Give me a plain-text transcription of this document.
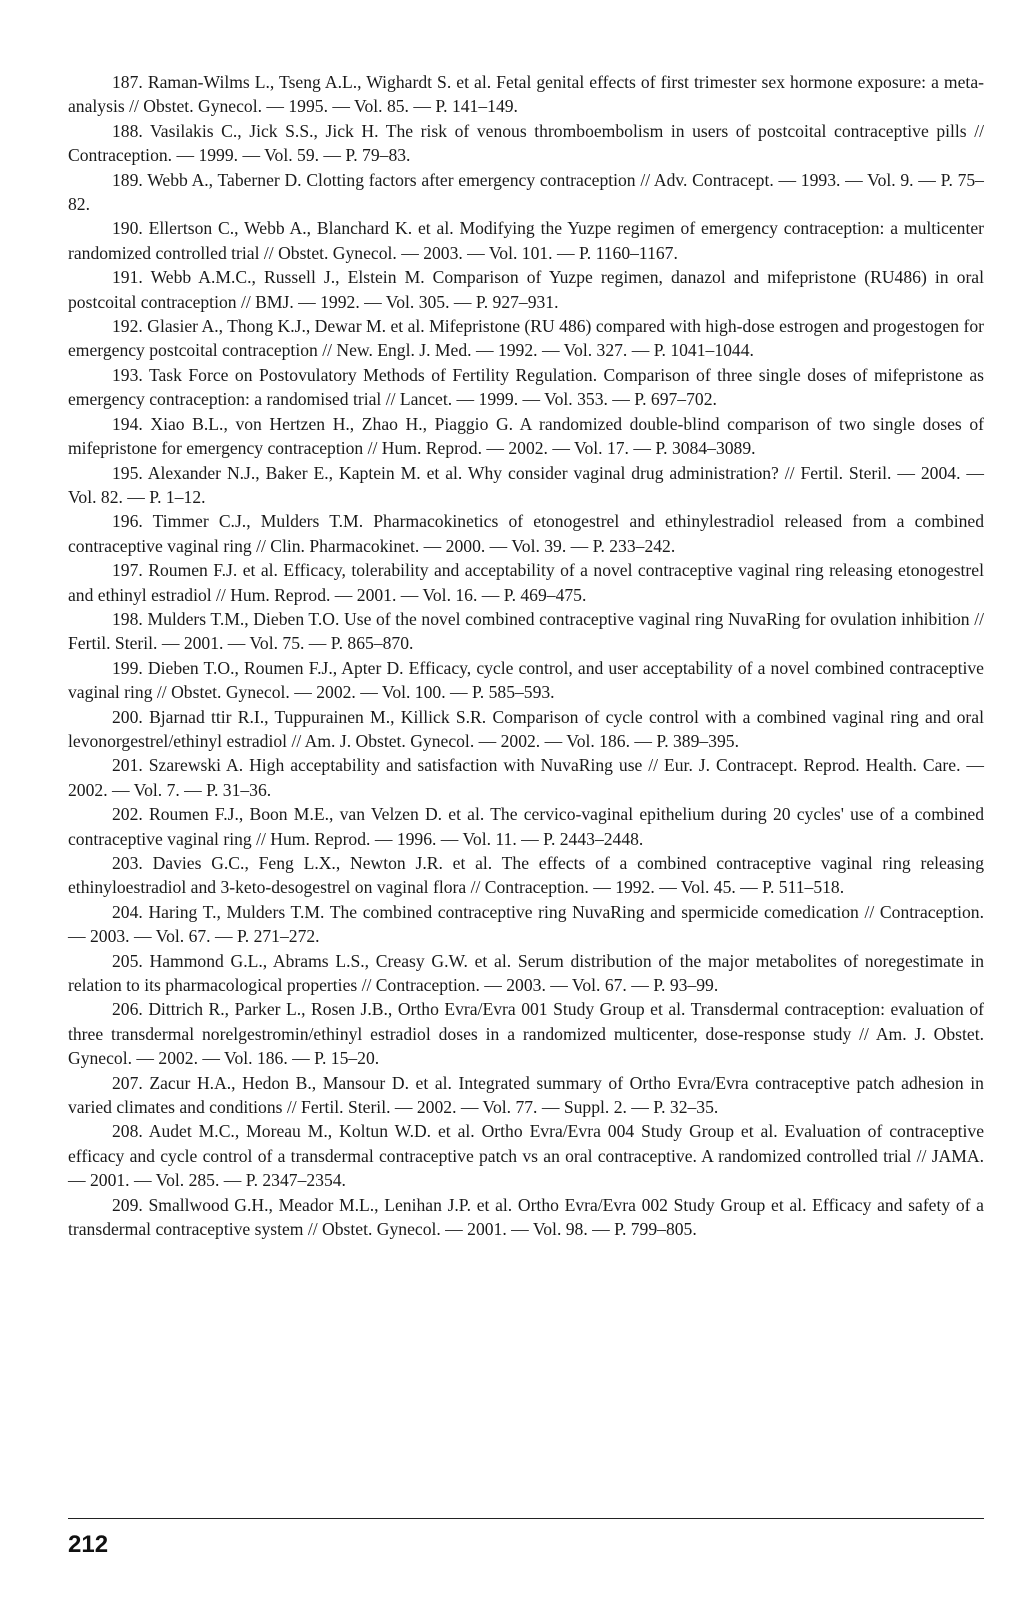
187. Raman-Wilms L., Tseng A.L., Wighardt S. et al. Fetal genital effects of first trimester sex hormone exposure: a meta-analysis // Obstet. Gynecol. — 1995. — Vol. 85. — P. 141–149.

188. Vasilakis C., Jick S.S., Jick H. The risk of venous thromboembolism in users of postcoital contraceptive pills // Contraception. — 1999. — Vol. 59. — P. 79–83.

189. Webb A., Taberner D. Clotting factors after emergency contraception // Adv. Contracept. — 1993. — Vol. 9. — P. 75–82.

190. Ellertson C., Webb A., Blanchard K. et al. Modifying the Yuzpe regimen of emergency contraception: a multicenter randomized controlled trial // Obstet. Gynecol. — 2003. — Vol. 101. — P. 1160–1167.

191. Webb A.M.C., Russell J., Elstein M. Comparison of Yuzpe regimen, danazol and mifepristone (RU486) in oral postcoital contraception // BMJ. — 1992. — Vol. 305. — P. 927–931.

192. Glasier A., Thong K.J., Dewar M. et al. Mifepristone (RU 486) compared with high-dose estrogen and progestogen for emergency postcoital contraception // New. Engl. J. Med. — 1992. — Vol. 327. — P. 1041–1044.

193. Task Force on Postovulatory Methods of Fertility Regulation. Comparison of three single doses of mifepristone as emergency contraception: a randomised trial // Lancet. — 1999. — Vol. 353. — P. 697–702.

194. Xiao B.L., von Hertzen H., Zhao H., Piaggio G. A randomized double-blind comparison of two single doses of mifepristone for emergency contraception // Hum. Reprod. — 2002. — Vol. 17. — P. 3084–3089.

195. Alexander N.J., Baker E., Kaptein M. et al. Why consider vaginal drug administration? // Fertil. Steril. — 2004. — Vol. 82. — P. 1–12.

196. Timmer C.J., Mulders T.M. Pharmacokinetics of etonogestrel and ethinylestradiol released from a combined contraceptive vaginal ring // Clin. Pharmacokinet. — 2000. — Vol. 39. — P. 233–242.

197. Roumen F.J. et al. Efficacy, tolerability and acceptability of a novel contraceptive vaginal ring releasing etonogestrel and ethinyl estradiol // Hum. Reprod. — 2001. — Vol. 16. — P. 469–475.

198. Mulders T.M., Dieben T.O. Use of the novel combined contraceptive vaginal ring NuvaRing for ovulation inhibition // Fertil. Steril. — 2001. — Vol. 75. — P. 865–870.

199. Dieben T.O., Roumen F.J., Apter D. Efficacy, cycle control, and user acceptability of a novel combined contraceptive vaginal ring // Obstet. Gynecol. — 2002. — Vol. 100. — P. 585–593.

200. Bjarnad ttir R.I., Tuppurainen M., Killick S.R. Comparison of cycle control with a combined vaginal ring and oral levonorgestrel/ethinyl estradiol // Am. J. Obstet. Gynecol. — 2002. — Vol. 186. — P. 389–395.

201. Szarewski A. High acceptability and satisfaction with NuvaRing use // Eur. J. Contracept. Reprod. Health. Care. — 2002. — Vol. 7. — P. 31–36.

202. Roumen F.J., Boon M.E., van Velzen D. et al. The cervico-vaginal epithelium during 20 cycles' use of a combined contraceptive vaginal ring // Hum. Reprod. — 1996. — Vol. 11. — P. 2443–2448.

203. Davies G.C., Feng L.X., Newton J.R. et al. The effects of a combined contraceptive vaginal ring releasing ethinyloestradiol and 3-keto-desogestrel on vaginal flora // Contraception. — 1992. — Vol. 45. — P. 511–518.

204. Haring T., Mulders T.M. The combined contraceptive ring NuvaRing and spermicide comedication // Contraception. — 2003. — Vol. 67. — P. 271–272.

205. Hammond G.L., Abrams L.S., Creasy G.W. et al. Serum distribution of the major metabolites of noregestimate in relation to its pharmacological properties // Contraception. — 2003. — Vol. 67. — P. 93–99.

206. Dittrich R., Parker L., Rosen J.B., Ortho Evra/Evra 001 Study Group et al. Transdermal contraception: evaluation of three transdermal norelgestromin/ethinyl estradiol doses in a randomized multicenter, dose-response study // Am. J. Obstet. Gynecol. — 2002. — Vol. 186. — P. 15–20.

207. Zacur H.A., Hedon B., Mansour D. et al. Integrated summary of Ortho Evra/Evra contraceptive patch adhesion in varied climates and conditions // Fertil. Steril. — 2002. — Vol. 77. — Suppl. 2. — P. 32–35.

208. Audet M.C., Moreau M., Koltun W.D. et al. Ortho Evra/Evra 004 Study Group et al. Evaluation of contraceptive efficacy and cycle control of a transdermal contraceptive patch vs an oral contraceptive. A randomized controlled trial // JAMA. — 2001. — Vol. 285. — P. 2347–2354.

209. Smallwood G.H., Meador M.L., Lenihan J.P. et al. Ortho Evra/Evra 002 Study Group et al. Efficacy and safety of a transdermal contraceptive system // Obstet. Gynecol. — 2001. — Vol. 98. — P. 799–805.

212
